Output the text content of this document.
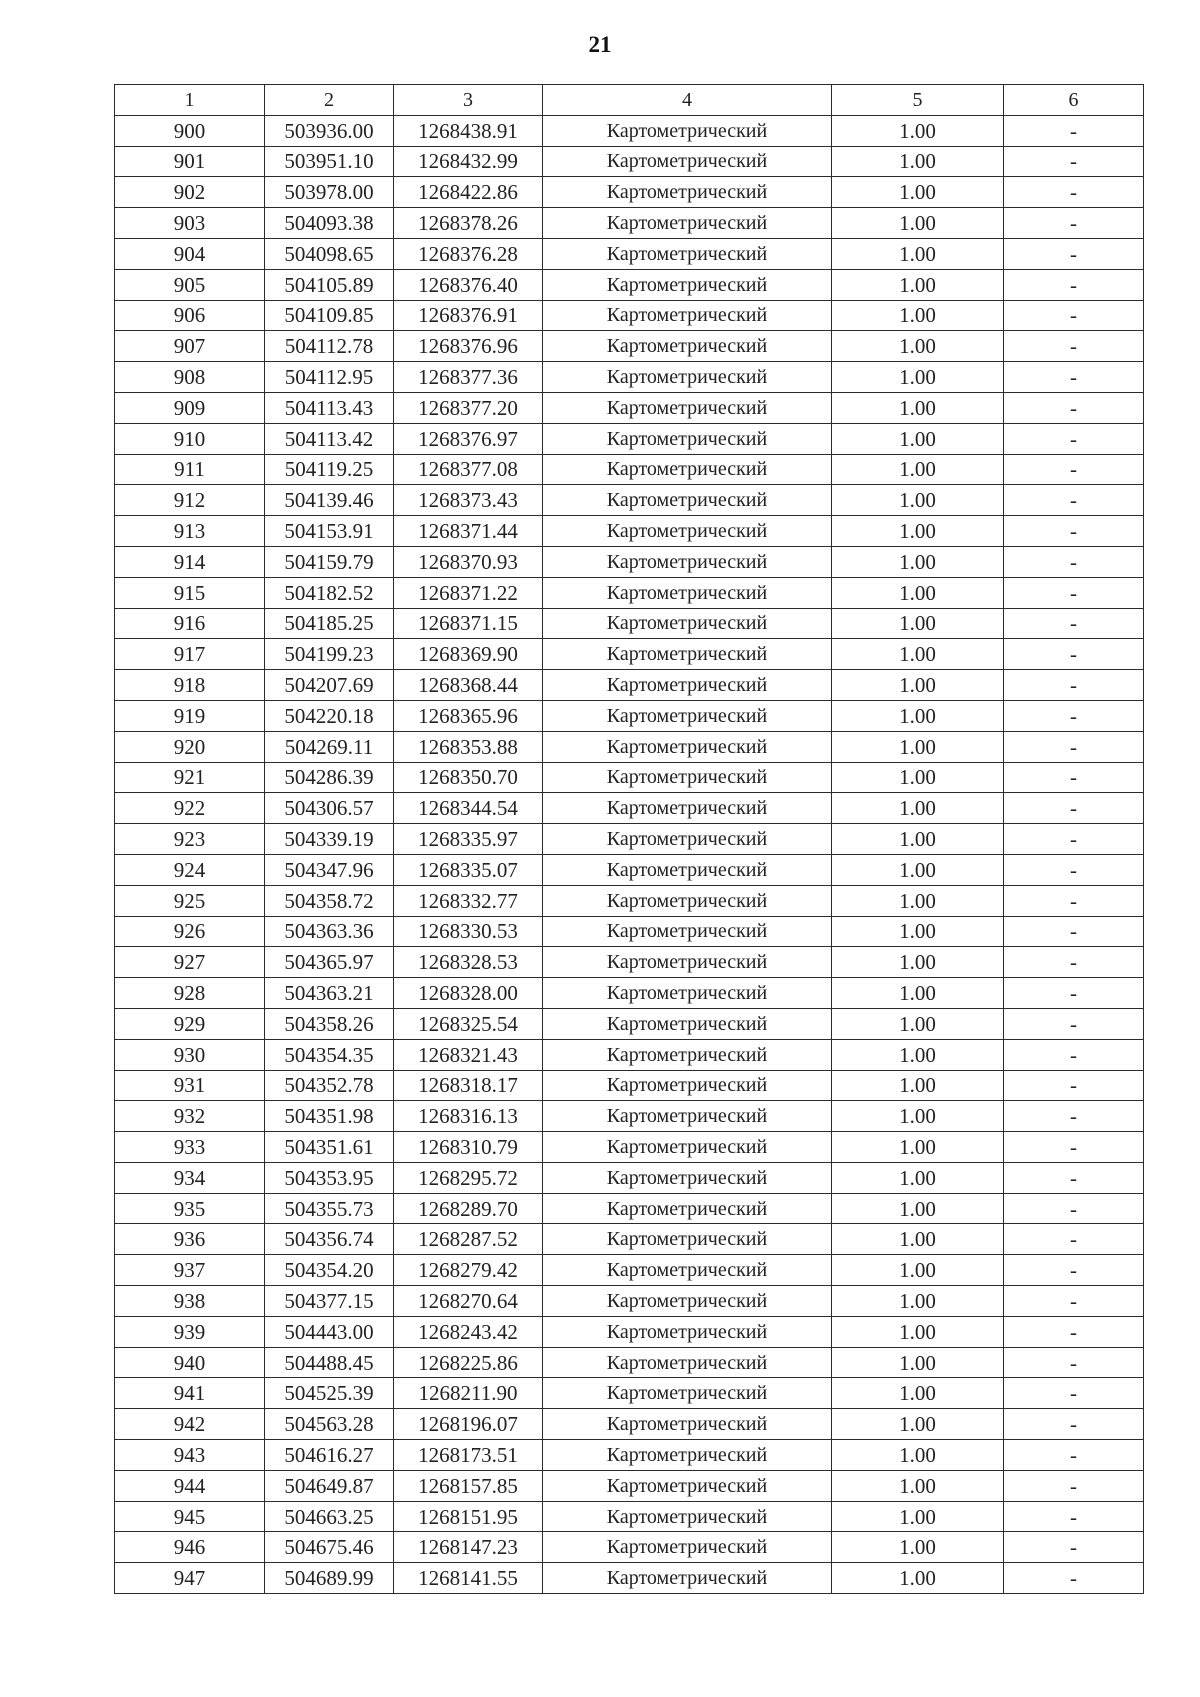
21
1	2	3	4	5	6
900	503936.00	1268438.91	Картометрический	1.00	-
901	503951.10	1268432.99	Картометрический	1.00	-
902	503978.00	1268422.86	Картометрический	1.00	-
903	504093.38	1268378.26	Картометрический	1.00	-
904	504098.65	1268376.28	Картометрический	1.00	-
905	504105.89	1268376.40	Картометрический	1.00	-
906	504109.85	1268376.91	Картометрический	1.00	-
907	504112.78	1268376.96	Картометрический	1.00	-
908	504112.95	1268377.36	Картометрический	1.00	-
909	504113.43	1268377.20	Картометрический	1.00	-
910	504113.42	1268376.97	Картометрический	1.00	-
911	504119.25	1268377.08	Картометрический	1.00	-
912	504139.46	1268373.43	Картометрический	1.00	-
913	504153.91	1268371.44	Картометрический	1.00	-
914	504159.79	1268370.93	Картометрический	1.00	-
915	504182.52	1268371.22	Картометрический	1.00	-
916	504185.25	1268371.15	Картометрический	1.00	-
917	504199.23	1268369.90	Картометрический	1.00	-
918	504207.69	1268368.44	Картометрический	1.00	-
919	504220.18	1268365.96	Картометрический	1.00	-
920	504269.11	1268353.88	Картометрический	1.00	-
921	504286.39	1268350.70	Картометрический	1.00	-
922	504306.57	1268344.54	Картометрический	1.00	-
923	504339.19	1268335.97	Картометрический	1.00	-
924	504347.96	1268335.07	Картометрический	1.00	-
925	504358.72	1268332.77	Картометрический	1.00	-
926	504363.36	1268330.53	Картометрический	1.00	-
927	504365.97	1268328.53	Картометрический	1.00	-
928	504363.21	1268328.00	Картометрический	1.00	-
929	504358.26	1268325.54	Картометрический	1.00	-
930	504354.35	1268321.43	Картометрический	1.00	-
931	504352.78	1268318.17	Картометрический	1.00	-
932	504351.98	1268316.13	Картометрический	1.00	-
933	504351.61	1268310.79	Картометрический	1.00	-
934	504353.95	1268295.72	Картометрический	1.00	-
935	504355.73	1268289.70	Картометрический	1.00	-
936	504356.74	1268287.52	Картометрический	1.00	-
937	504354.20	1268279.42	Картометрический	1.00	-
938	504377.15	1268270.64	Картометрический	1.00	-
939	504443.00	1268243.42	Картометрический	1.00	-
940	504488.45	1268225.86	Картометрический	1.00	-
941	504525.39	1268211.90	Картометрический	1.00	-
942	504563.28	1268196.07	Картометрический	1.00	-
943	504616.27	1268173.51	Картометрический	1.00	-
944	504649.87	1268157.85	Картометрический	1.00	-
945	504663.25	1268151.95	Картометрический	1.00	-
946	504675.46	1268147.23	Картометрический	1.00	-
947	504689.99	1268141.55	Картометрический	1.00	-
